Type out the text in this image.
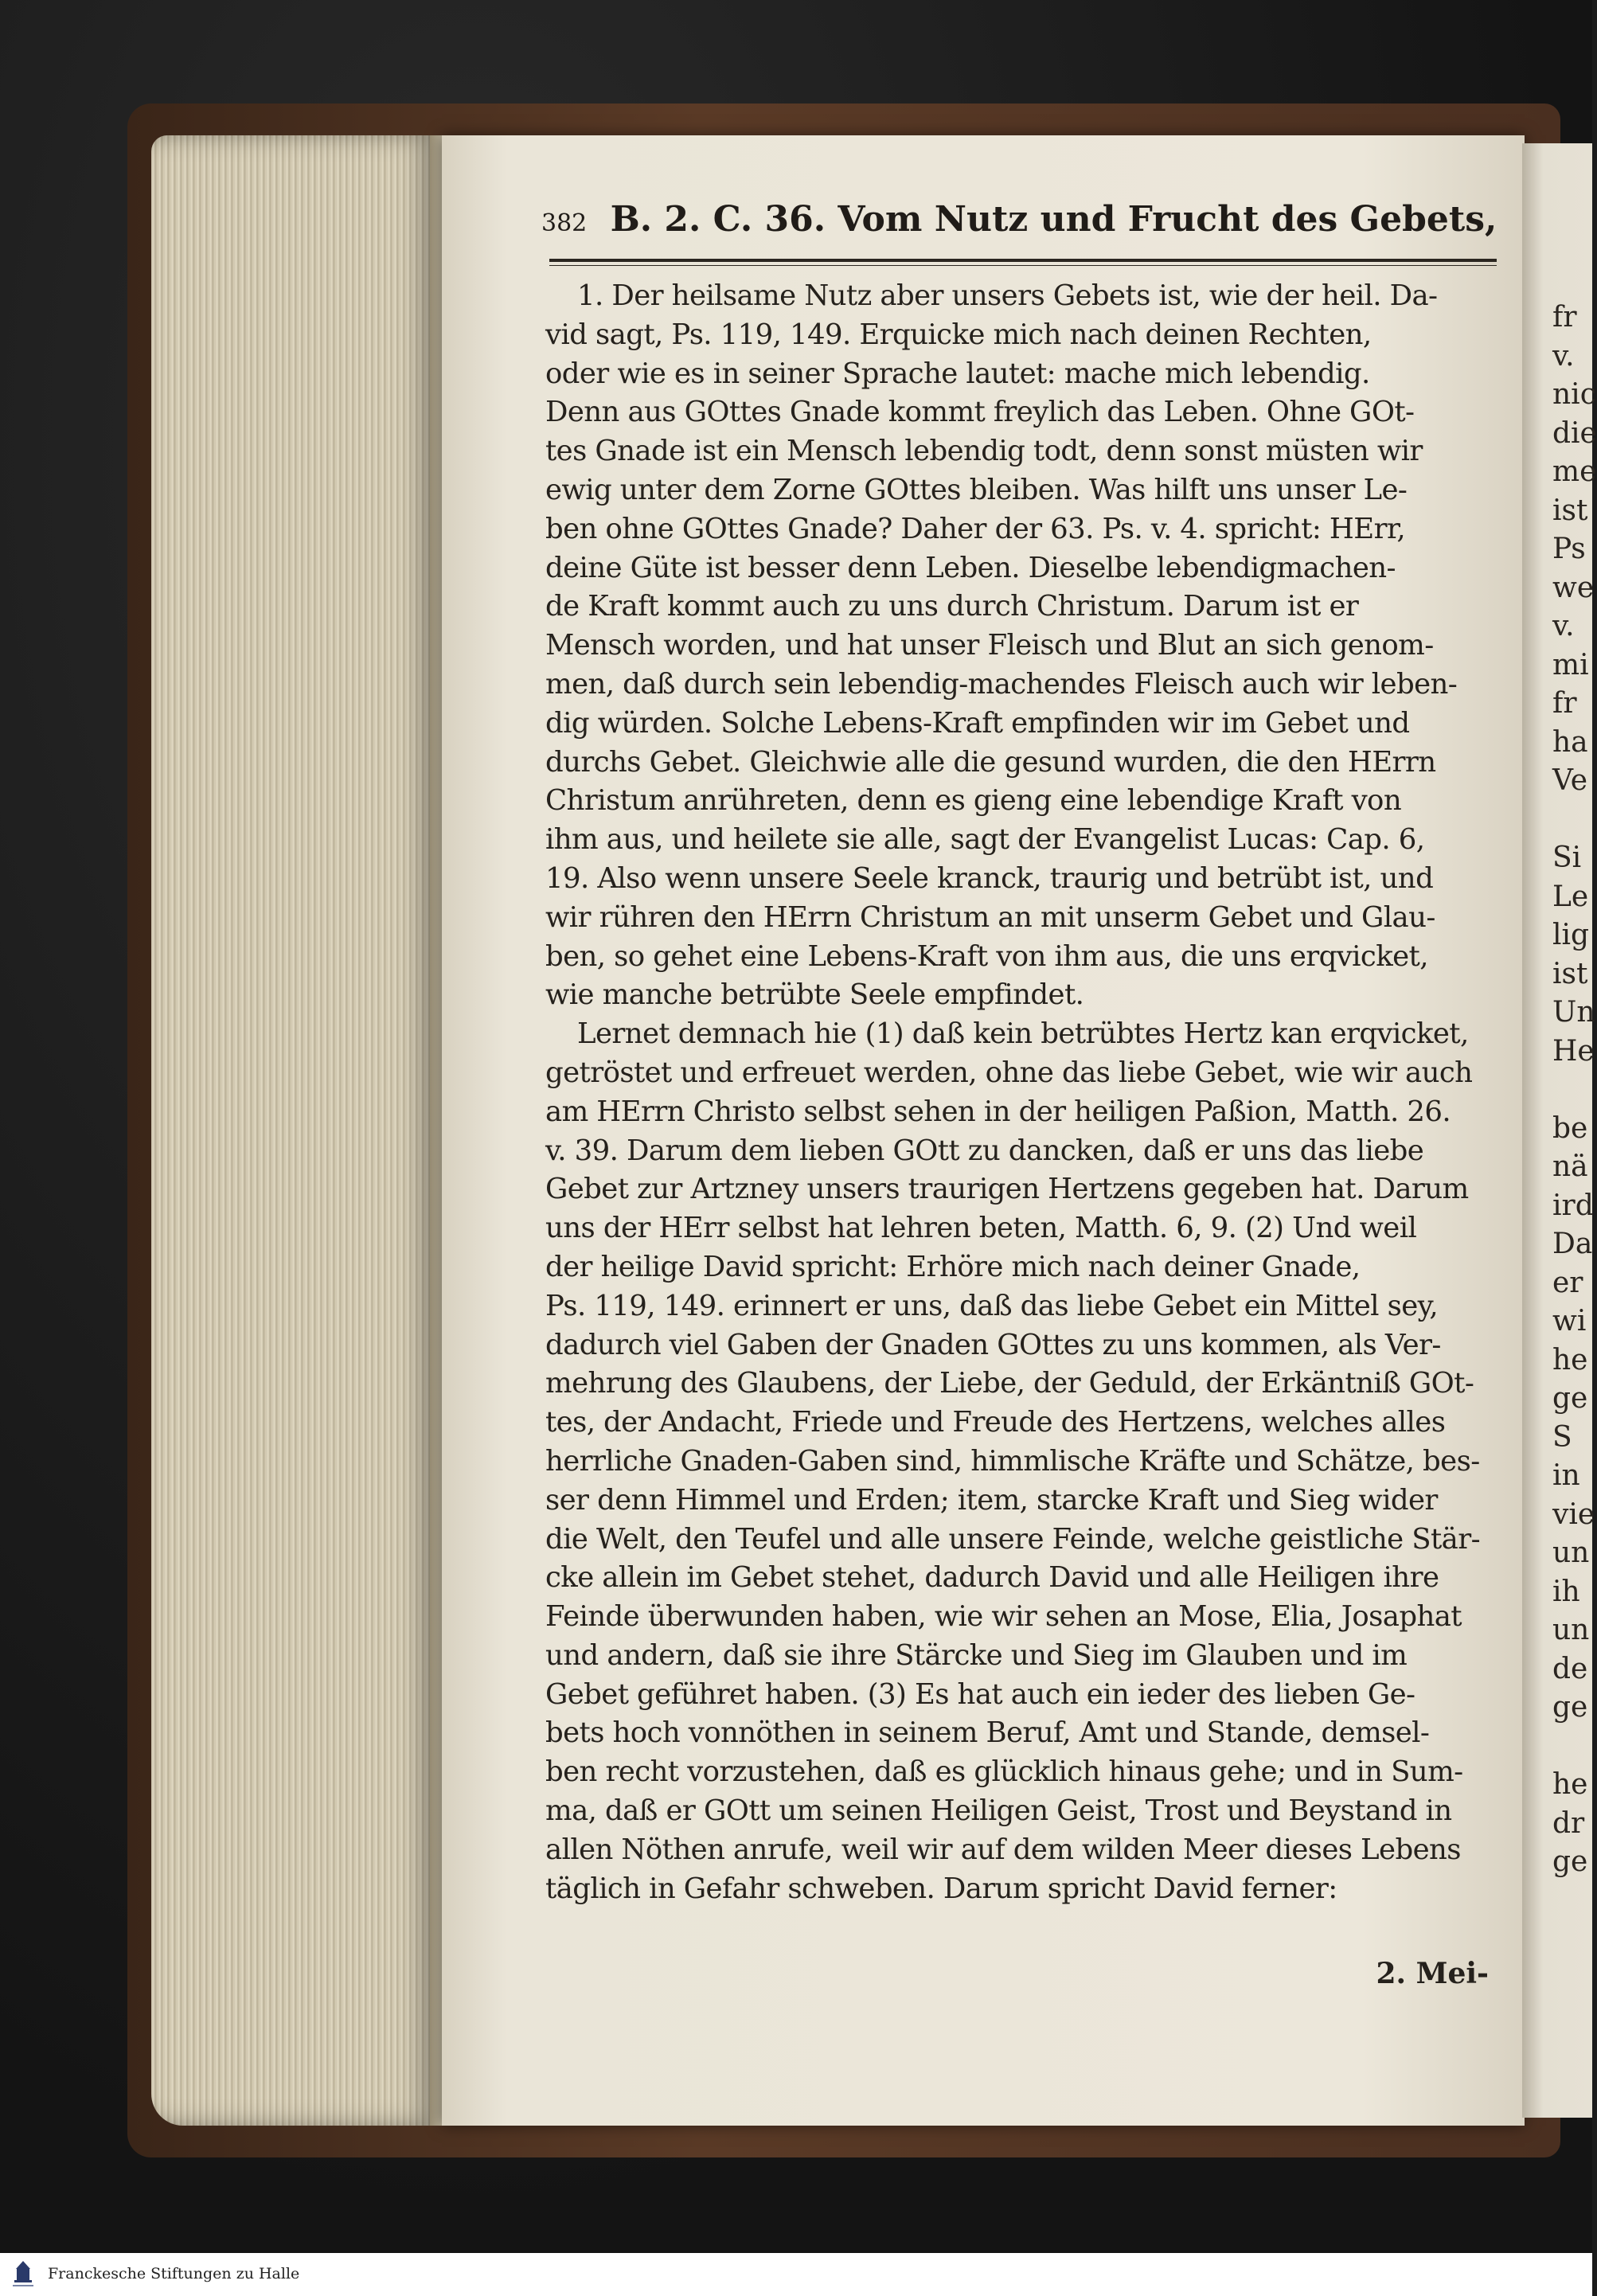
fr
v.
nic
die
me
ist
Ps
we
v.
mi
fr
ha
Ve

Si
Le
lig
ist
Un
He

be
nä
ird
Da
er
wi
he
ge
S
in
vie
un
ih
un
de
ge

he
dr
ge
382 B. 2. C. 36. Vom Nutz und Frucht des Gebets,
1. Der heilsame Nutz aber unsers Gebets ist, wie der heil. Da-
vid sagt, Ps. 119, 149. Erquicke mich nach deinen Rechten,
oder wie es in seiner Sprache lautet: mache mich lebendig.
Denn aus GOttes Gnade kommt freylich das Leben. Ohne GOt-
tes Gnade ist ein Mensch lebendig todt, denn sonst müsten wir
ewig unter dem Zorne GOttes bleiben. Was hilft uns unser Le-
ben ohne GOttes Gnade? Daher der 63. Ps. v. 4. spricht: HErr,
deine Güte ist besser denn Leben. Dieselbe lebendigmachen-
de Kraft kommt auch zu uns durch Christum. Darum ist er
Mensch worden, und hat unser Fleisch und Blut an sich genom-
men, daß durch sein lebendig-machendes Fleisch auch wir leben-
dig würden. Solche Lebens-Kraft empfinden wir im Gebet und
durchs Gebet. Gleichwie alle die gesund wurden, die den HErrn
Christum anrühreten, denn es gieng eine lebendige Kraft von
ihm aus, und heilete sie alle, sagt der Evangelist Lucas: Cap. 6,
19. Also wenn unsere Seele kranck, traurig und betrübt ist, und
wir rühren den HErrn Christum an mit unserm Gebet und Glau-
ben, so gehet eine Lebens-Kraft von ihm aus, die uns erqvicket,
wie manche betrübte Seele empfindet.
Lernet demnach hie (1) daß kein betrübtes Hertz kan erqvicket,
getröstet und erfreuet werden, ohne das liebe Gebet, wie wir auch
am HErrn Christo selbst sehen in der heiligen Paßion, Matth. 26.
v. 39. Darum dem lieben GOtt zu dancken, daß er uns das liebe
Gebet zur Artzney unsers traurigen Hertzens gegeben hat. Darum
uns der HErr selbst hat lehren beten, Matth. 6, 9. (2) Und weil
der heilige David spricht: Erhöre mich nach deiner Gnade,
Ps. 119, 149. erinnert er uns, daß das liebe Gebet ein Mittel sey,
dadurch viel Gaben der Gnaden GOttes zu uns kommen, als Ver-
mehrung des Glaubens, der Liebe, der Geduld, der Erkäntniß GOt-
tes, der Andacht, Friede und Freude des Hertzens, welches alles
herrliche Gnaden-Gaben sind, himmlische Kräfte und Schätze, bes-
ser denn Himmel und Erden; item, starcke Kraft und Sieg wider
die Welt, den Teufel und alle unsere Feinde, welche geistliche Stär-
cke allein im Gebet stehet, dadurch David und alle Heiligen ihre
Feinde überwunden haben, wie wir sehen an Mose, Elia, Josaphat
und andern, daß sie ihre Stärcke und Sieg im Glauben und im
Gebet geführet haben. (3) Es hat auch ein ieder des lieben Ge-
bets hoch vonnöthen in seinem Beruf, Amt und Stande, demsel-
ben recht vorzustehen, daß es glücklich hinaus gehe; und in Sum-
ma, daß er GOtt um seinen Heiligen Geist, Trost und Beystand in
allen Nöthen anrufe, weil wir auf dem wilden Meer dieses Lebens
täglich in Gefahr schweben. Darum spricht David ferner:
2. Mei-
Franckesche Stiftungen zu Halle
